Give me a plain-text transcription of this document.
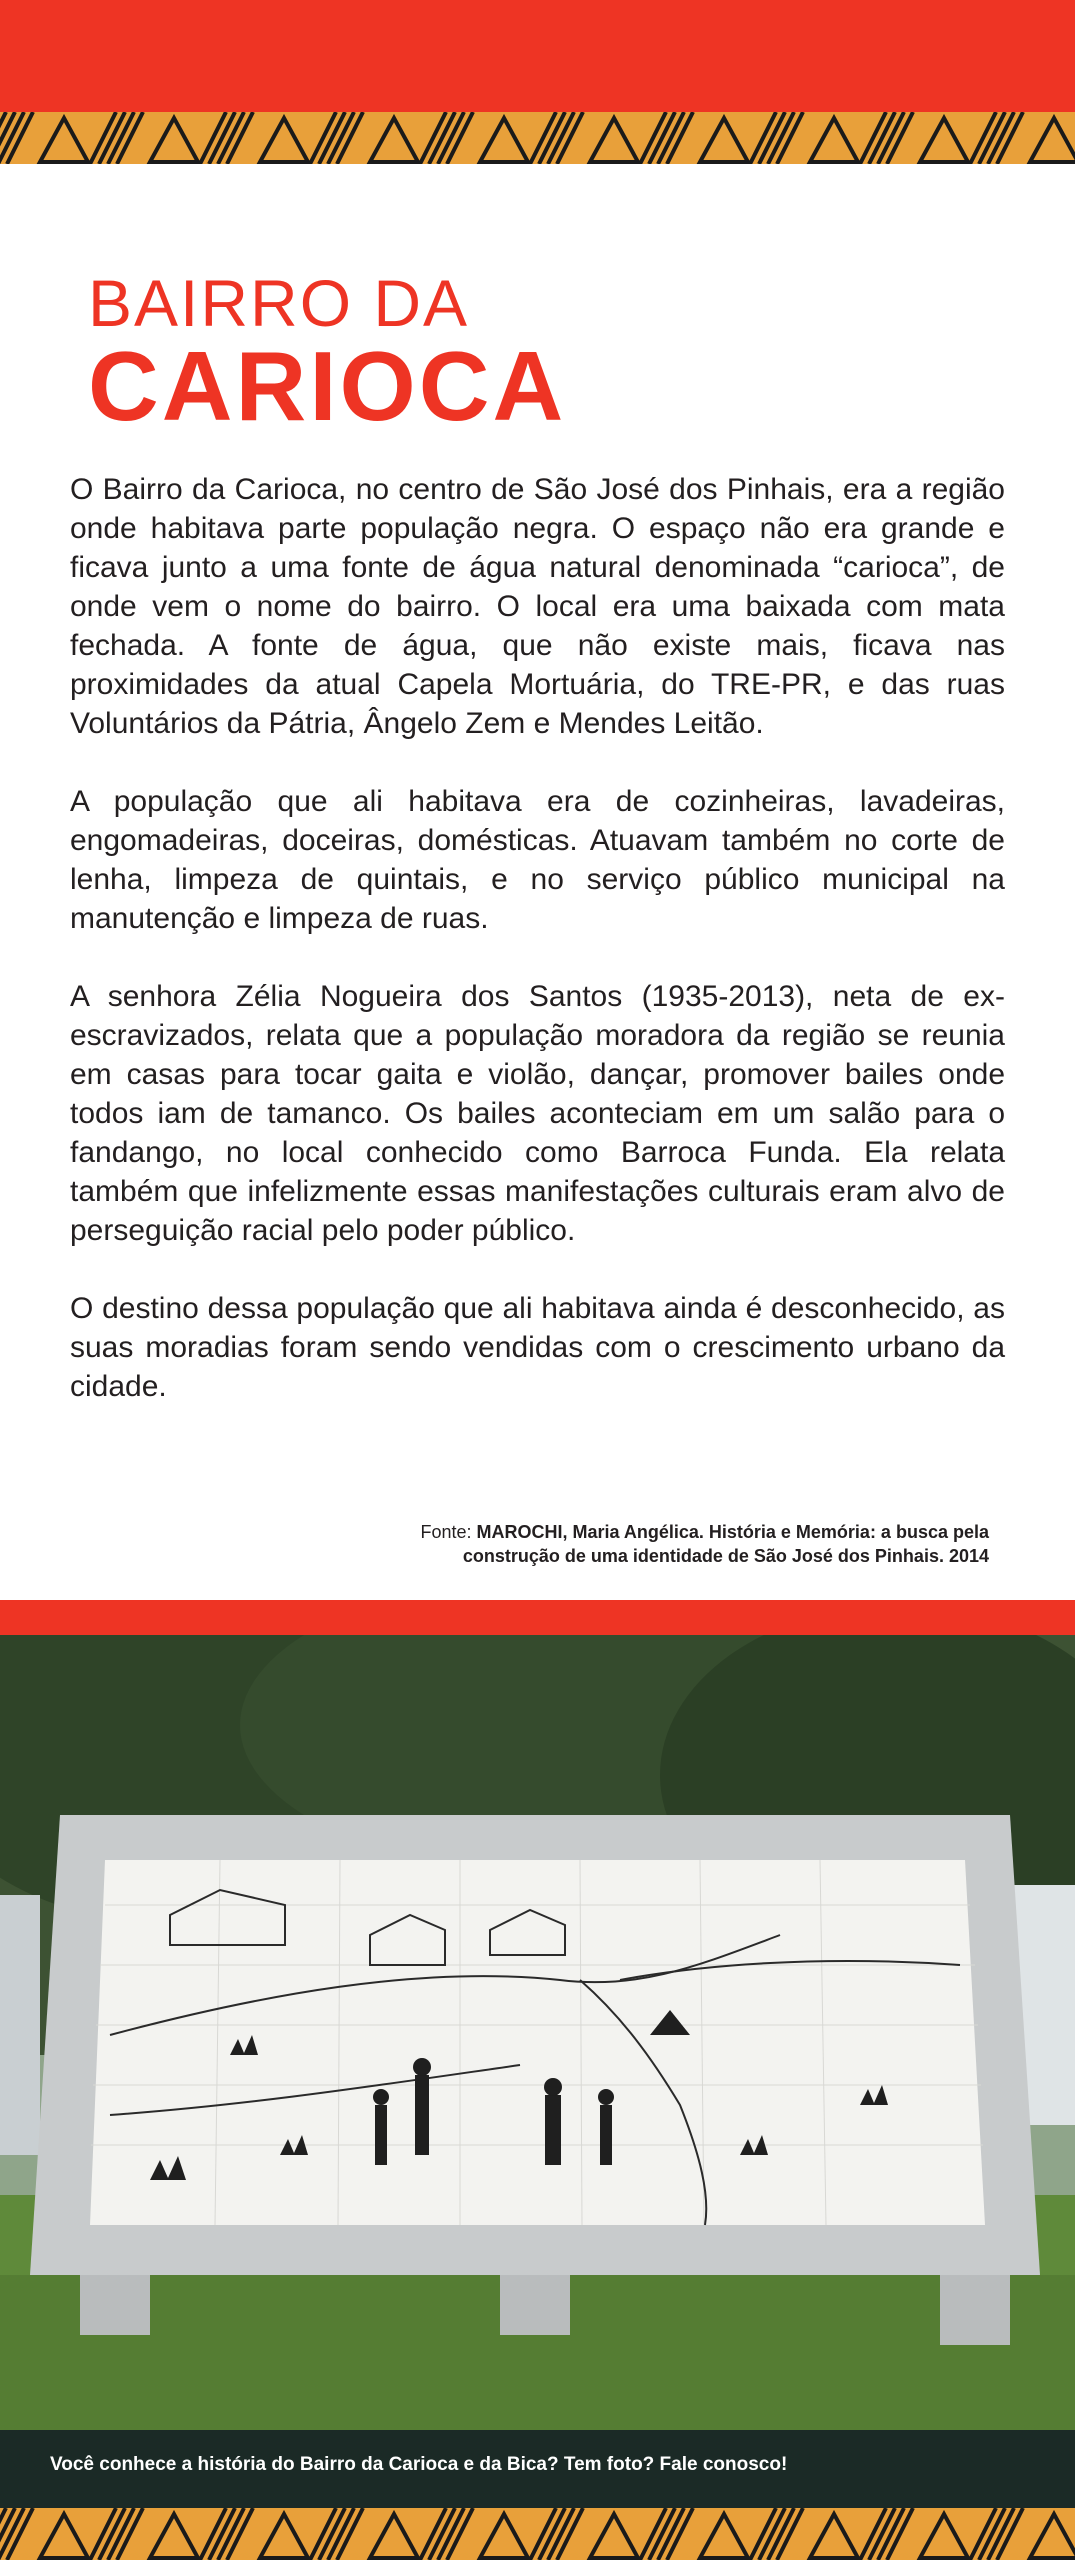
BAIRRO DA
CARIOCA

O Bairro da Carioca, no centro de São José dos Pinhais, era a região onde habitava parte população negra. O espaço não era grande e ficava junto a uma fonte de água natural denominada “carioca”, de onde vem o nome do bairro. O local era uma baixada com mata fechada. A fonte de água, que não existe mais, ficava nas proximidades da atual Capela Mortuária, do TRE-PR, e das ruas Voluntários da Pátria, Ângelo Zem e Mendes Leitão.

A população que ali habitava era de cozinheiras, lavadeiras, engomadeiras, doceiras, domésticas. Atuavam também no corte de lenha, limpeza de quintais, e no serviço público municipal na manutenção e limpeza de ruas.

A senhora Zélia Nogueira dos Santos (1935-2013), neta de ex-escravizados, relata que a população moradora da região se reunia em casas para tocar gaita e violão, dançar, promover bailes onde todos iam de tamanco. Os bailes aconteciam em um salão para o fandango, no local conhecido como Barroca Funda. Ela relata também que infelizmente essas manifestações culturais eram alvo de perseguição racial pelo poder público.

O destino dessa população que ali habitava ainda é desconhecido, as suas moradias foram sendo vendidas com o crescimento urbano da cidade.

Fonte: MAROCHI, Maria Angélica. História e Memória: a busca pela
construção de uma identidade de São José dos Pinhais. 2014
Você conhece a história do Bairro da Carioca e da Bica? Tem foto? Fale conosco!
